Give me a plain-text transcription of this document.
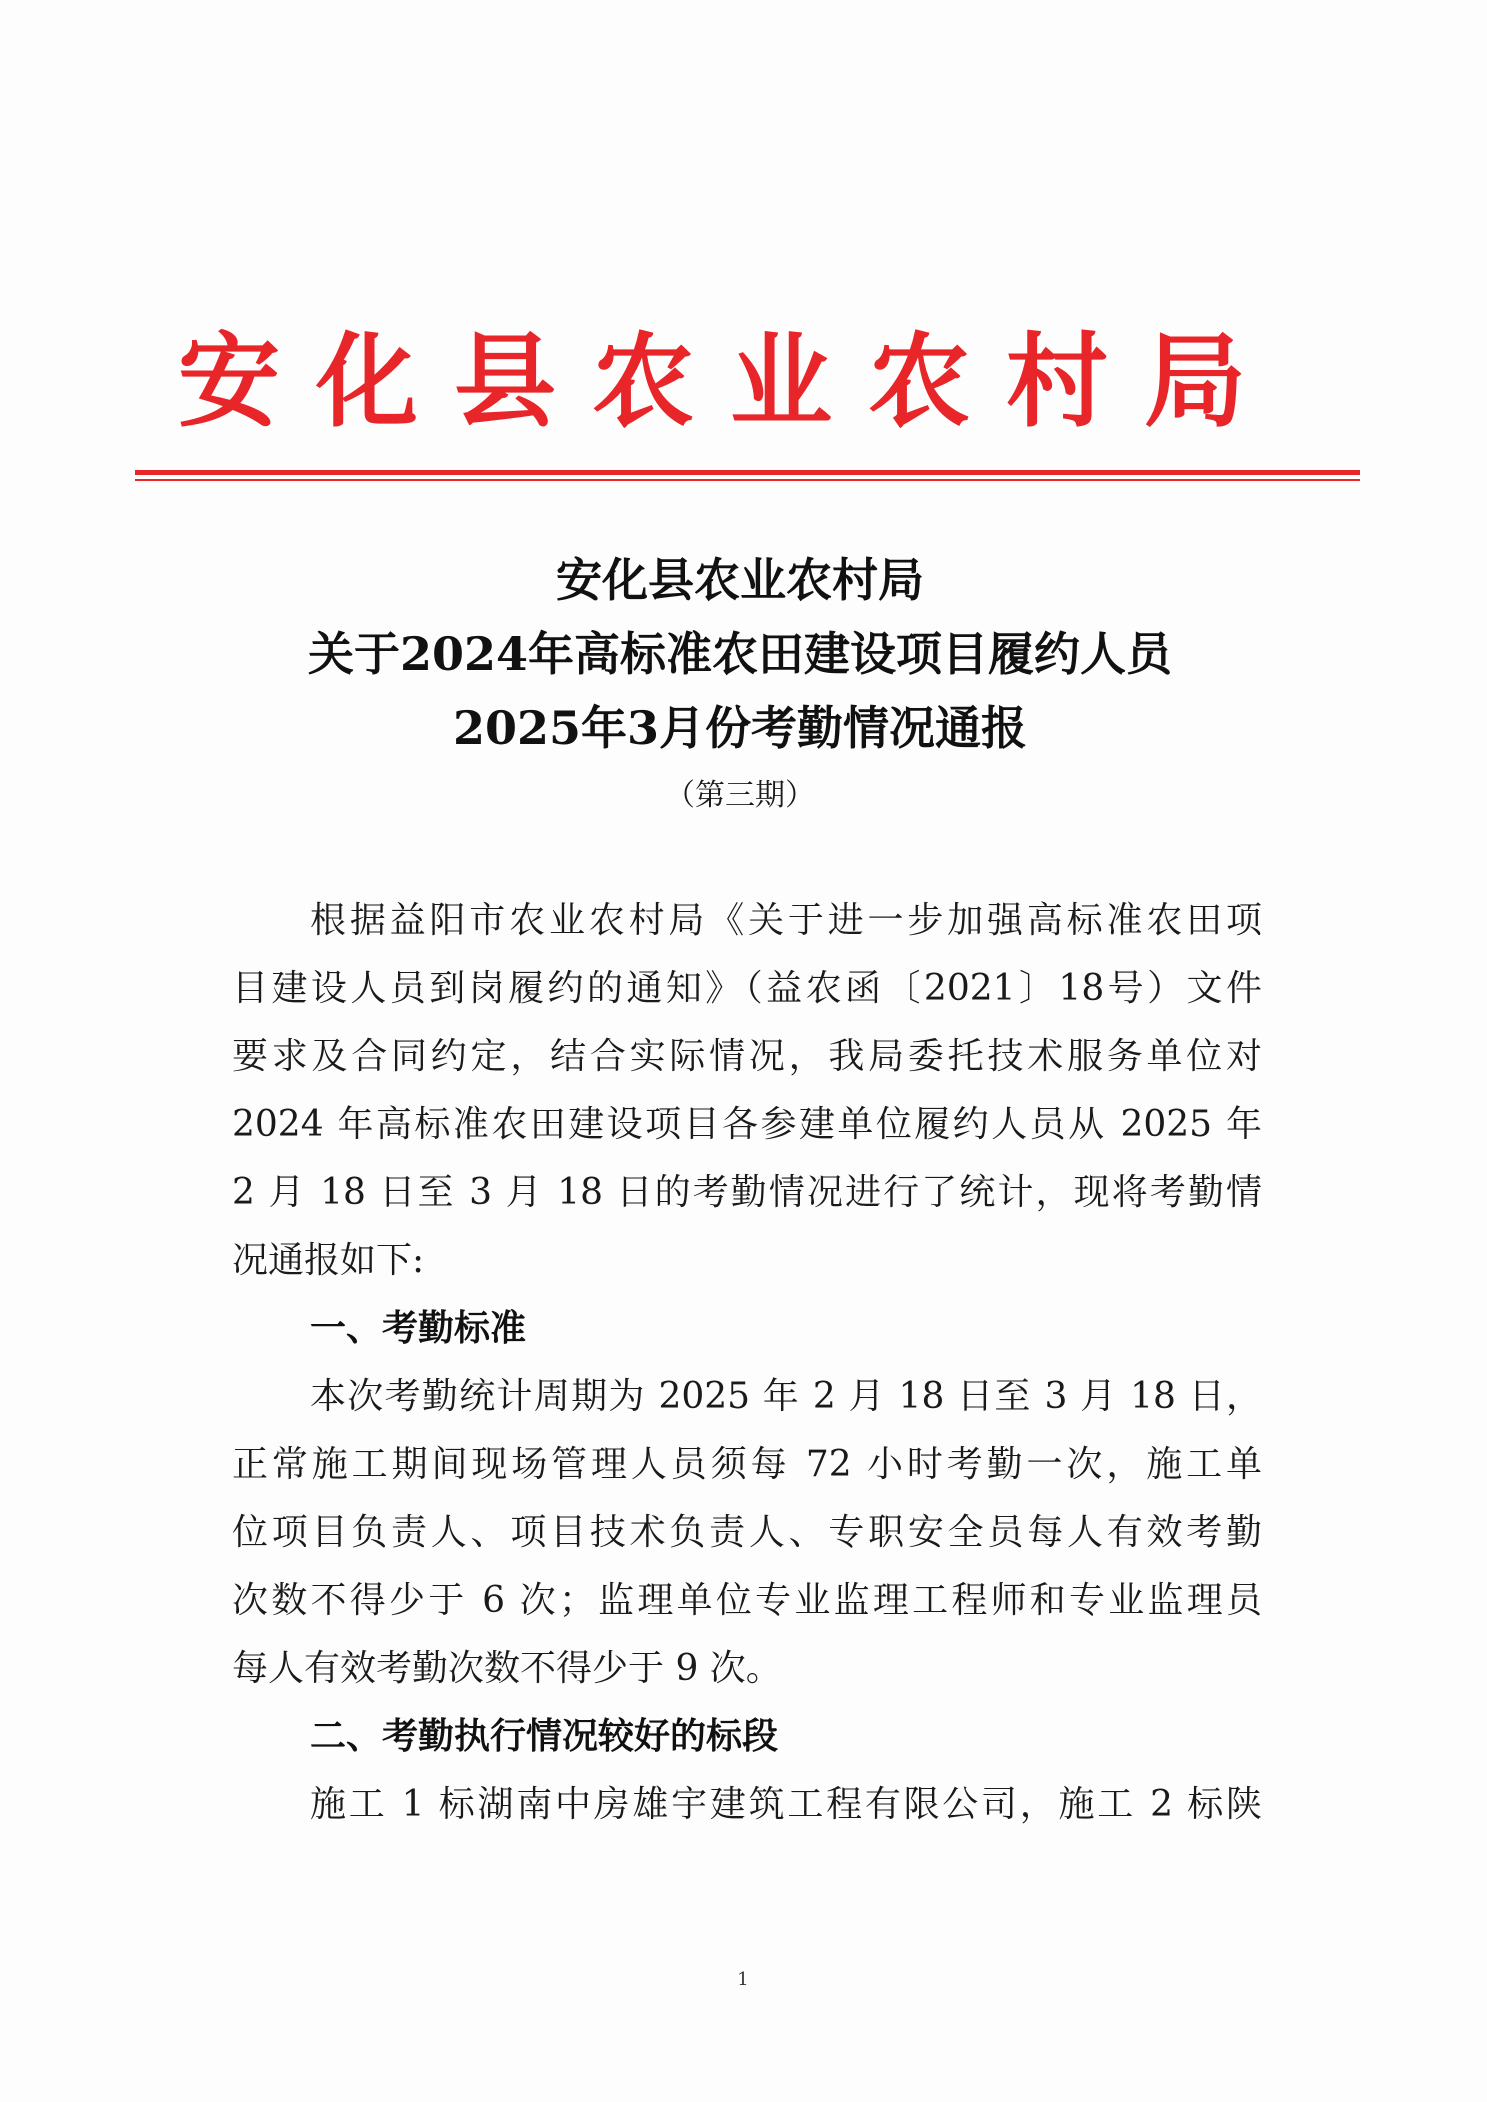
安化县农业农村局
安化县农业农村局
关于2024年高标准农田建设项目履约人员
2025年3月份考勤情况通报
（第三期）
根据益阳市农业农村局《关于进一步加强高标准农田项
目建设人员到岗履约的通知》（益农函〔2021〕18号）文件
要求及合同约定，结合实际情况，我局委托技术服务单位对
2024 年高标准农田建设项目各参建单位履约人员从 2025 年
2 月 18 日至 3 月 18 日的考勤情况进行了统计，现将考勤情
况通报如下:
一、考勤标准
本次考勤统计周期为 2025 年 2 月 18 日至 3 月 18 日，
正常施工期间现场管理人员须每 72 小时考勤一次，施工单
位项目负责人、项目技术负责人、专职安全员每人有效考勤
次数不得少于 6 次；监理单位专业监理工程师和专业监理员
每人有效考勤次数不得少于 9 次。
二、考勤执行情况较好的标段
施工 1 标湖南中房雄宇建筑工程有限公司，施工 2 标陕
1
